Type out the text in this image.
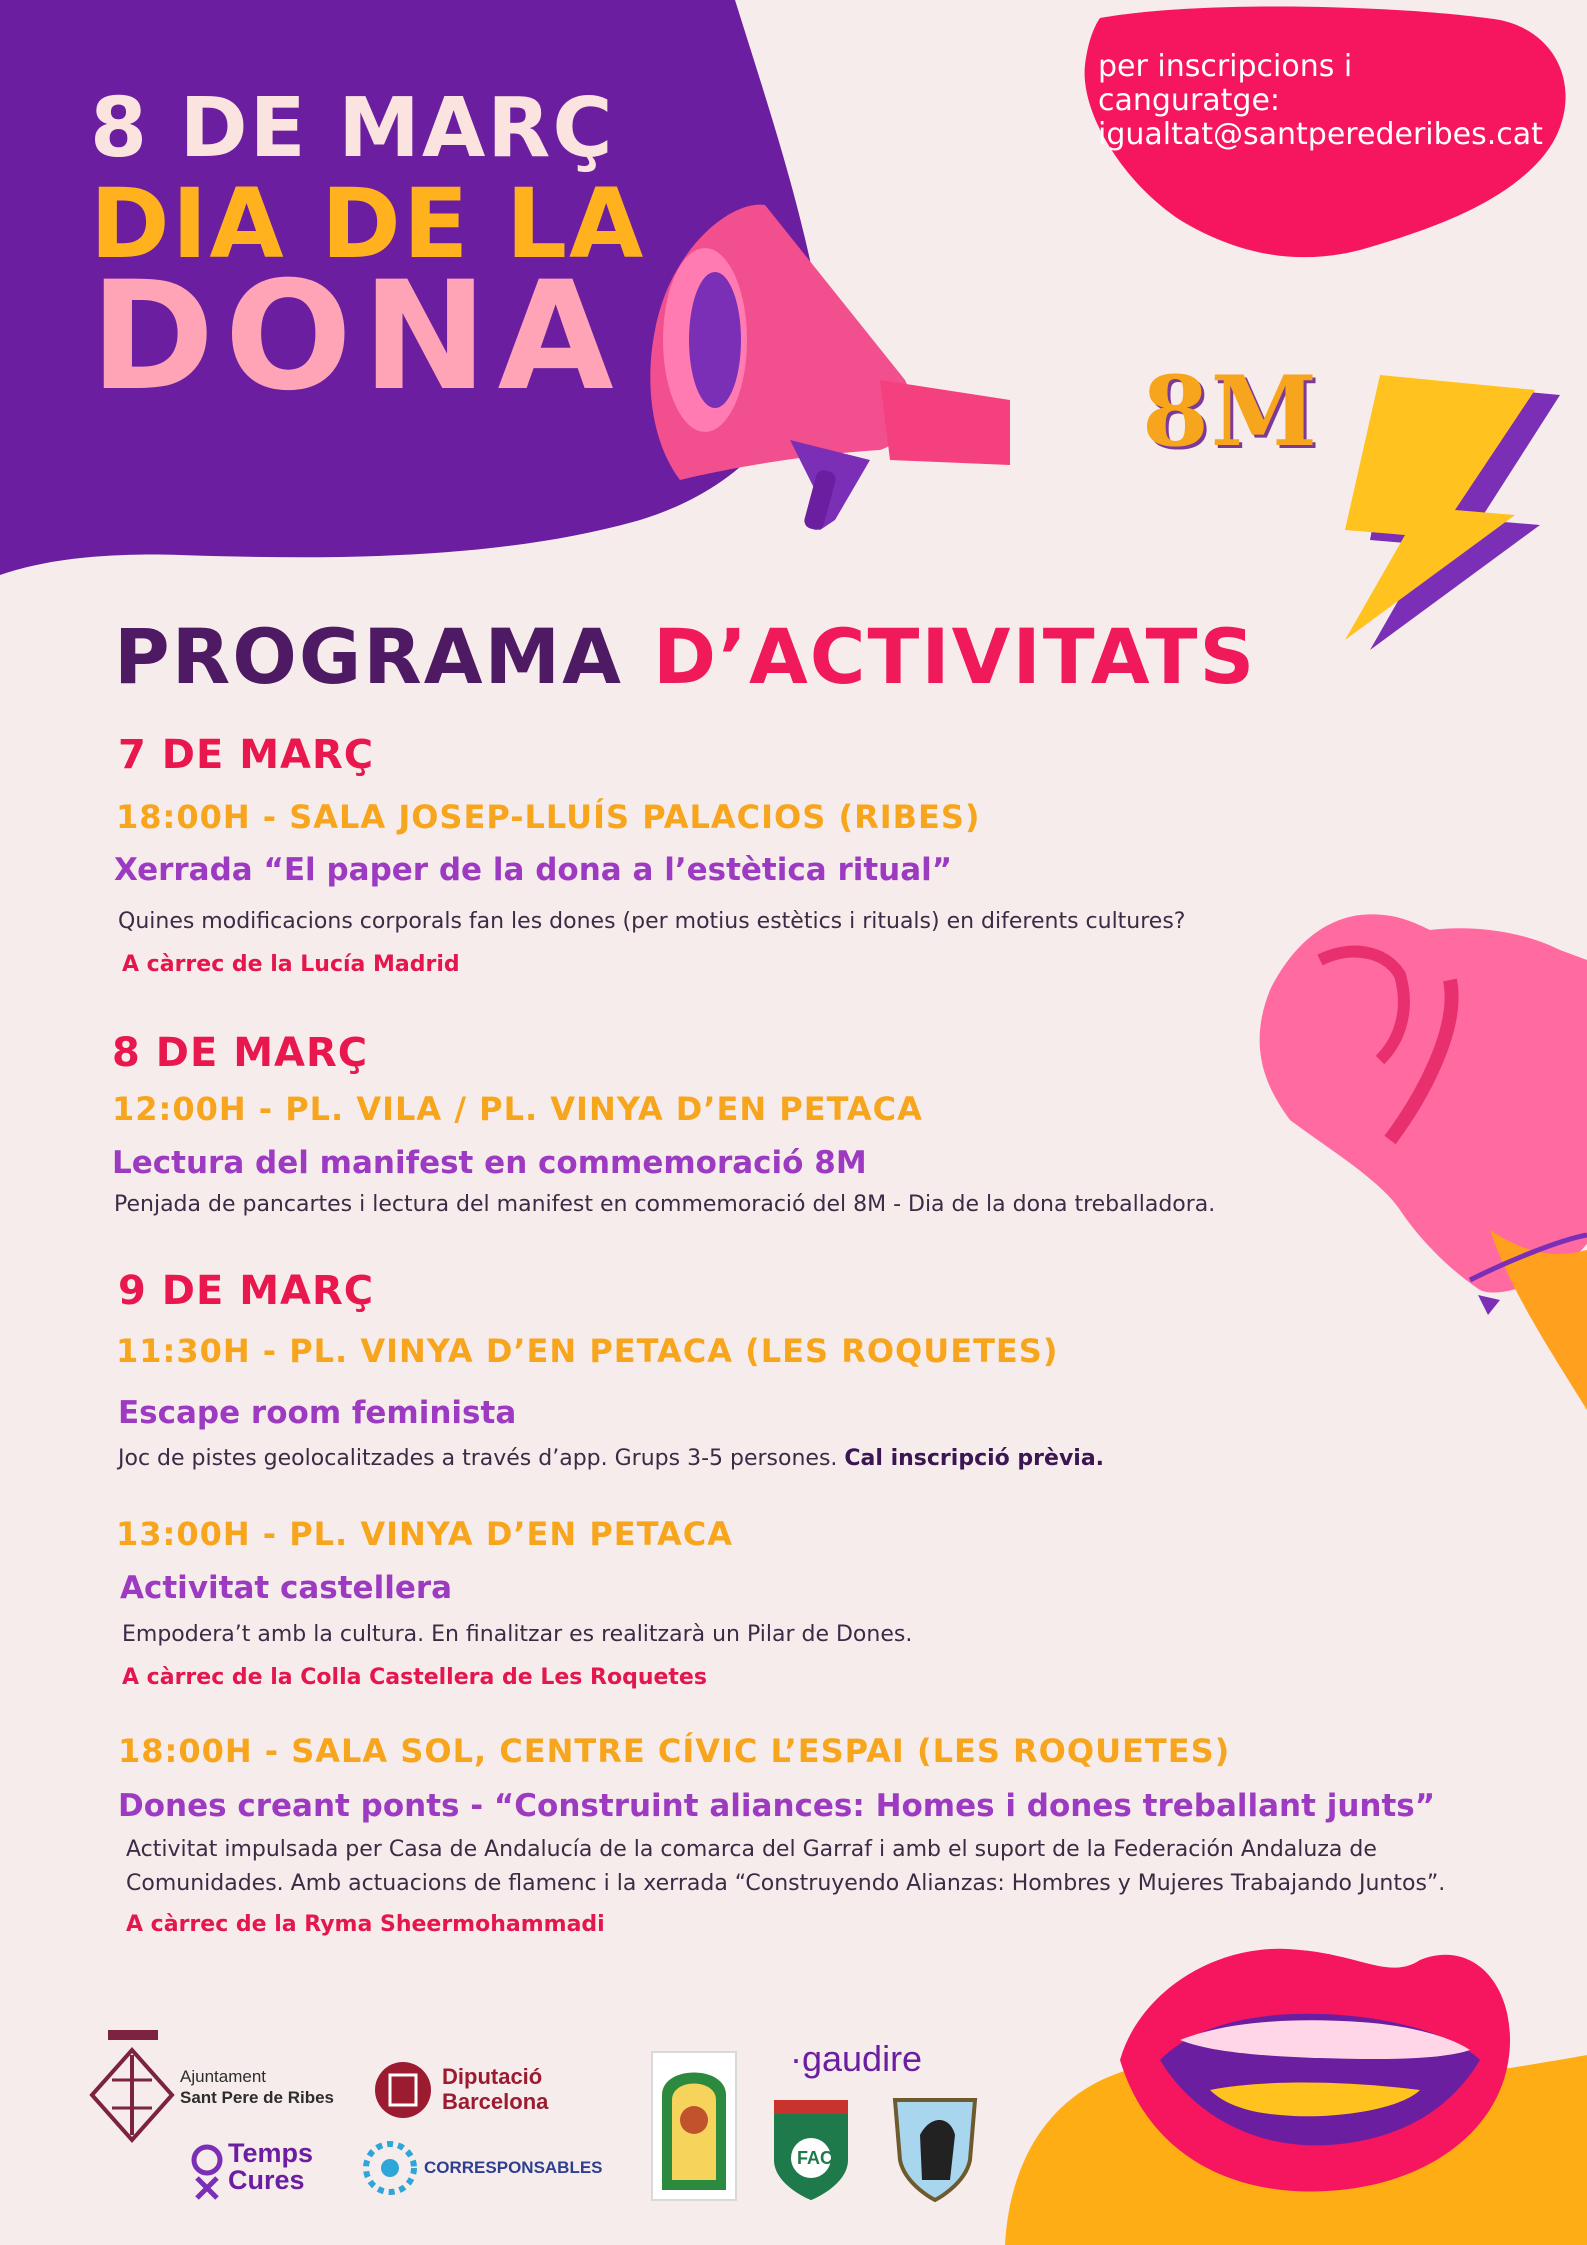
8 DE MARÇ
DIA DE LA
DONA
per inscripcions i canguratge:
igualtat@santperederibes.cat
8M
PROGRAMA D’ACTIVITATS
7 DE MARÇ
18:00H - SALA JOSEP-LLUÍS PALACIOS (RIBES)
Xerrada “El paper de la dona a l’estètica ritual”
Quines modificacions corporals fan les dones (per motius estètics i rituals) en diferents cultures?
A càrrec de la Lucía Madrid
8 DE MARÇ
12:00H - PL. VILA / PL. VINYA D’EN PETACA
Lectura del manifest en commemoració 8M
Penjada de pancartes i lectura del manifest en commemoració del 8M - Dia de la dona treballadora.
9 DE MARÇ
11:30H - PL. VINYA D’EN PETACA (LES ROQUETES)
Escape room feminista
Joc de pistes geolocalitzades a través d’app. Grups 3-5 persones. Cal inscripció prèvia.
13:00H - PL. VINYA D’EN PETACA
Activitat castellera
Empodera’t amb la cultura. En finalitzar es realitzarà un Pilar de Dones.
A càrrec de la Colla Castellera de Les Roquetes
18:00H - SALA SOL, CENTRE CÍVIC L’ESPAI (LES ROQUETES)
Dones creant ponts - “Construint aliances: Homes i dones treballant junts”
Activitat impulsada per Casa de Andalucía de la comarca del Garraf i amb el suport de la Federación Andaluza de
Comunidades. Amb actuacions de flamenc i la xerrada “Construyendo Alianzas: Hombres y Mujeres Trabajando Juntos”.
A càrrec de la Ryma Sheermohammadi
Ajuntament
Sant Pere de Ribes
Diputació
Barcelona
Temps
Cures	CORRESPONSABLES
·gaudire
FAC
